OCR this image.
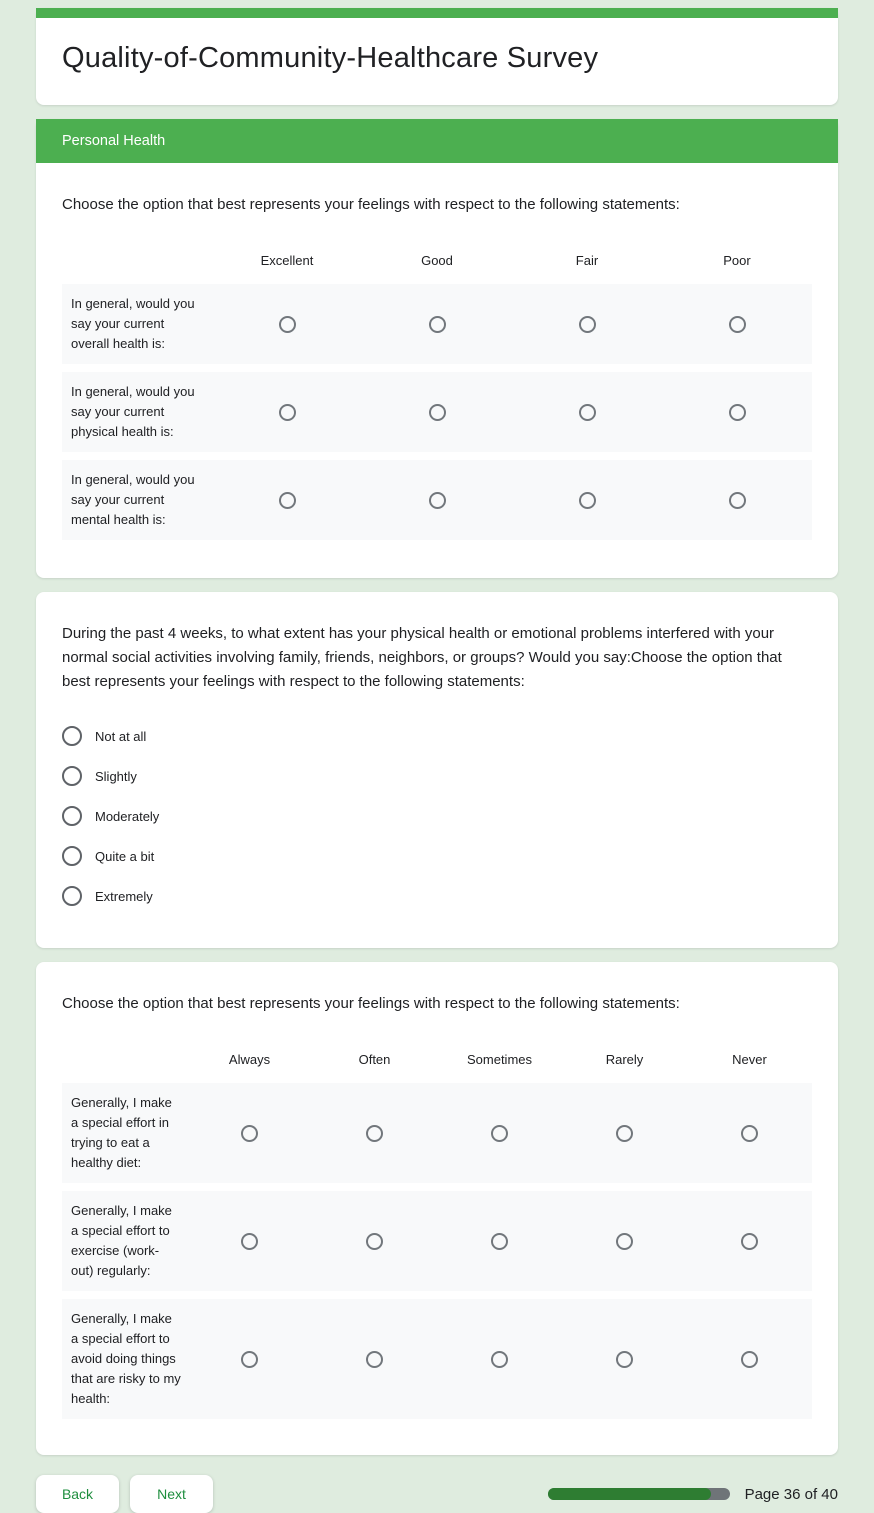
Quality-of-Community-Healthcare Survey
Personal Health

Choose the option that best represents your feelings with respect to the following statements:

Excellent	Good	Fair	Poor
In general, would you say your current overall health is:
In general, would you say your current physical health is:
In general, would you say your current mental health is:

During the past 4 weeks, to what extent has your physical health or emotional problems interfered with your normal social activities involving family, friends, neighbors, or groups? Would you say:Choose the option that best represents your feelings with respect to the following statements:

Not at all
Slightly
Moderately
Quite a bit
Extremely

Choose the option that best represents your feelings with respect to the following statements:

Always	Often	Sometimes	Rarely	Never
Generally, I make a special effort in trying to eat a healthy diet:
Generally, I make a special effort to exercise (work-out) regularly:
Generally, I make a special effort to avoid doing things that are risky to my health:
Back	Next	Page 36 of 40
